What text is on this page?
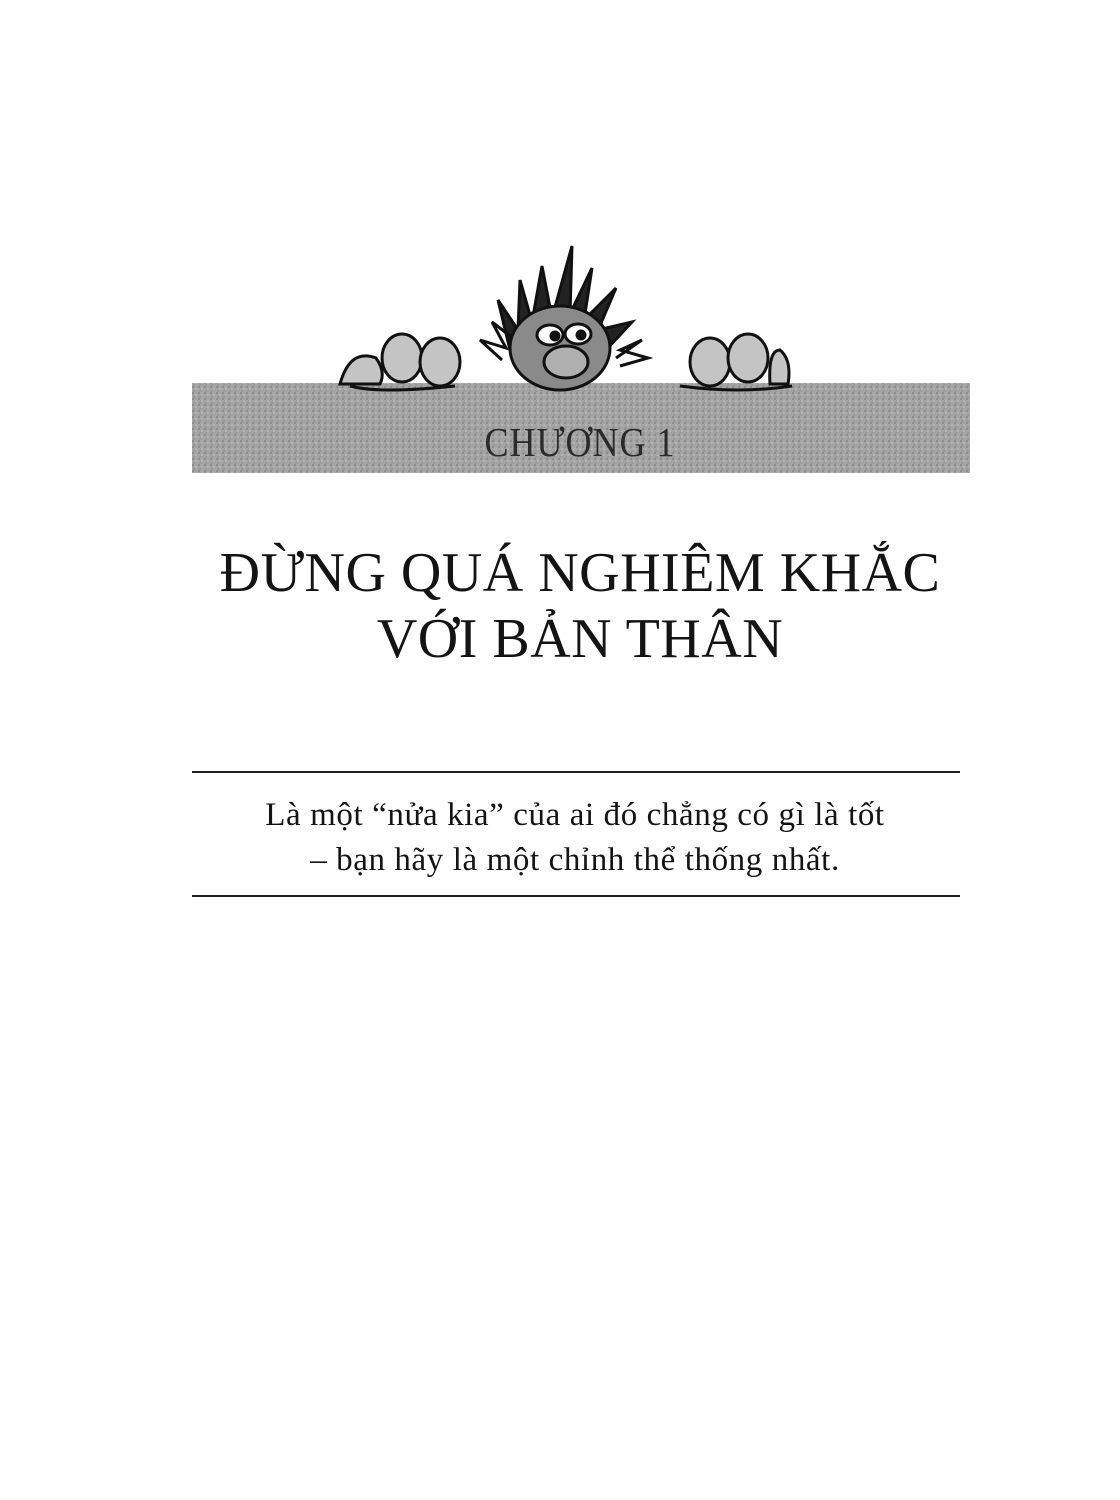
CHƯƠNG 1
ĐỪNG QUÁ NGHIÊM KHẮC
VỚI BẢN THÂN
Là một “nửa kia” của ai đó chẳng có gì là tốt
– bạn hãy là một chỉnh thể thống nhất.
